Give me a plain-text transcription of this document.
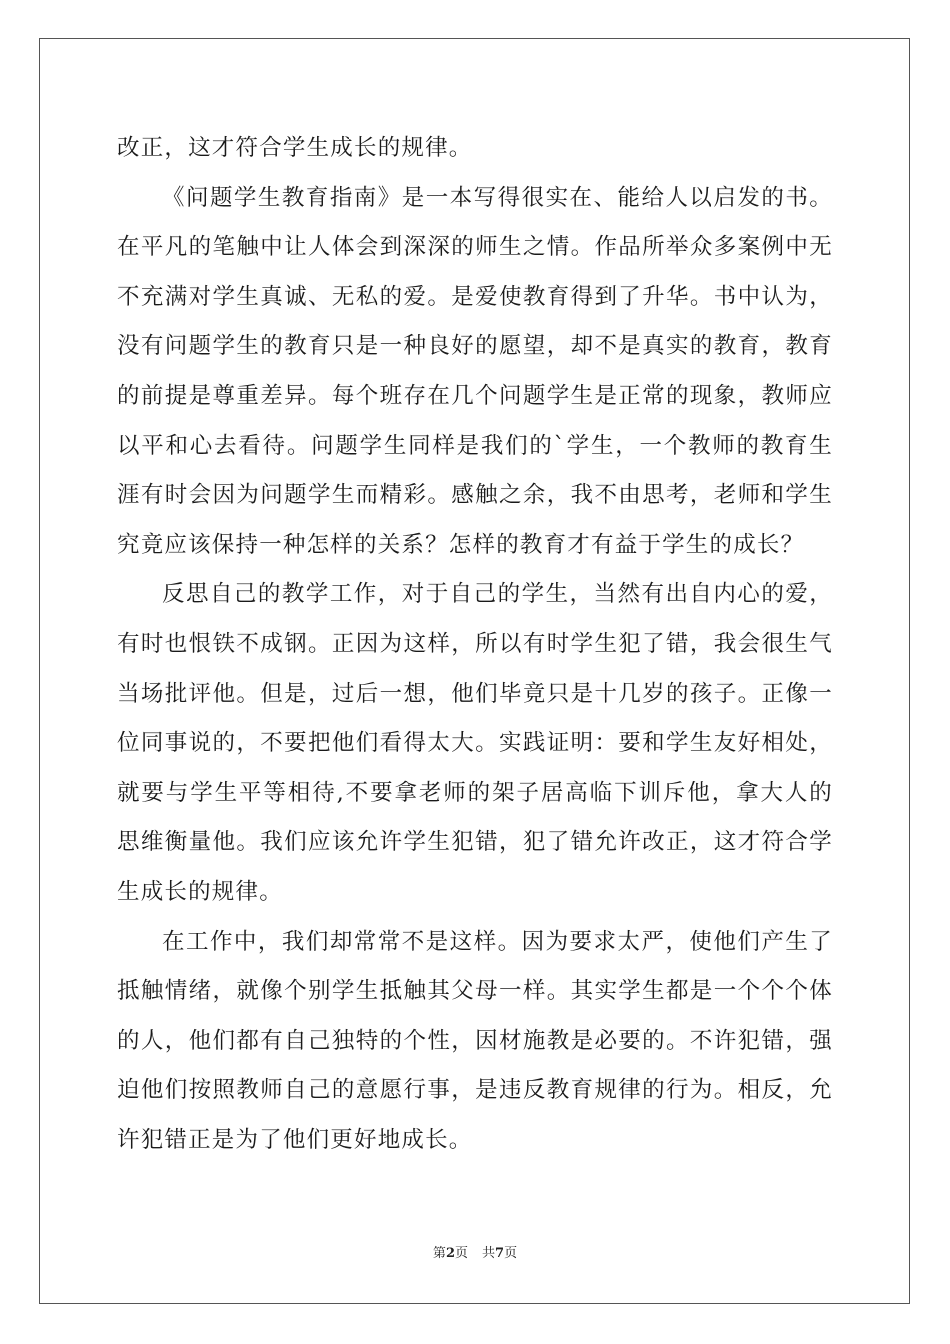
改正，这才符合学生成长的规律。

《问题学生教育指南》是一本写得很实在、能给人以启发的书。在平凡的笔触中让人体会到深深的师生之情。作品所举众多案例中无不充满对学生真诚、无私的爱。是爱使教育得到了升华。书中认为，没有问题学生的教育只是一种良好的愿望，却不是真实的教育，教育的前提是尊重差异。每个班存在几个问题学生是正常的现象，教师应以平和心去看待。问题学生同样是我们的`学生，一个教师的教育生涯有时会因为问题学生而精彩。感触之余，我不由思考，老师和学生究竟应该保持一种怎样的关系？怎样的教育才有益于学生的成长？

反思自己的教学工作，对于自己的学生，当然有出自内心的爱，有时也恨铁不成钢。正因为这样，所以有时学生犯了错，我会很生气当场批评他。但是，过后一想，他们毕竟只是十几岁的孩子。正像一位同事说的，不要把他们看得太大。实践证明：要和学生友好相处，就要与学生平等相待,不要拿老师的架子居高临下训斥他，拿大人的思维衡量他。我们应该允许学生犯错，犯了错允许改正，这才符合学生成长的规律。

在工作中，我们却常常不是这样。因为要求太严，使他们产生了抵触情绪，就像个别学生抵触其父母一样。其实学生都是一个个个体的人，他们都有自己独特的个性，因材施教是必要的。不许犯错，强迫他们按照教师自己的意愿行事，是违反教育规律的行为。相反，允许犯错正是为了他们更好地成长。

第2页 共7页
